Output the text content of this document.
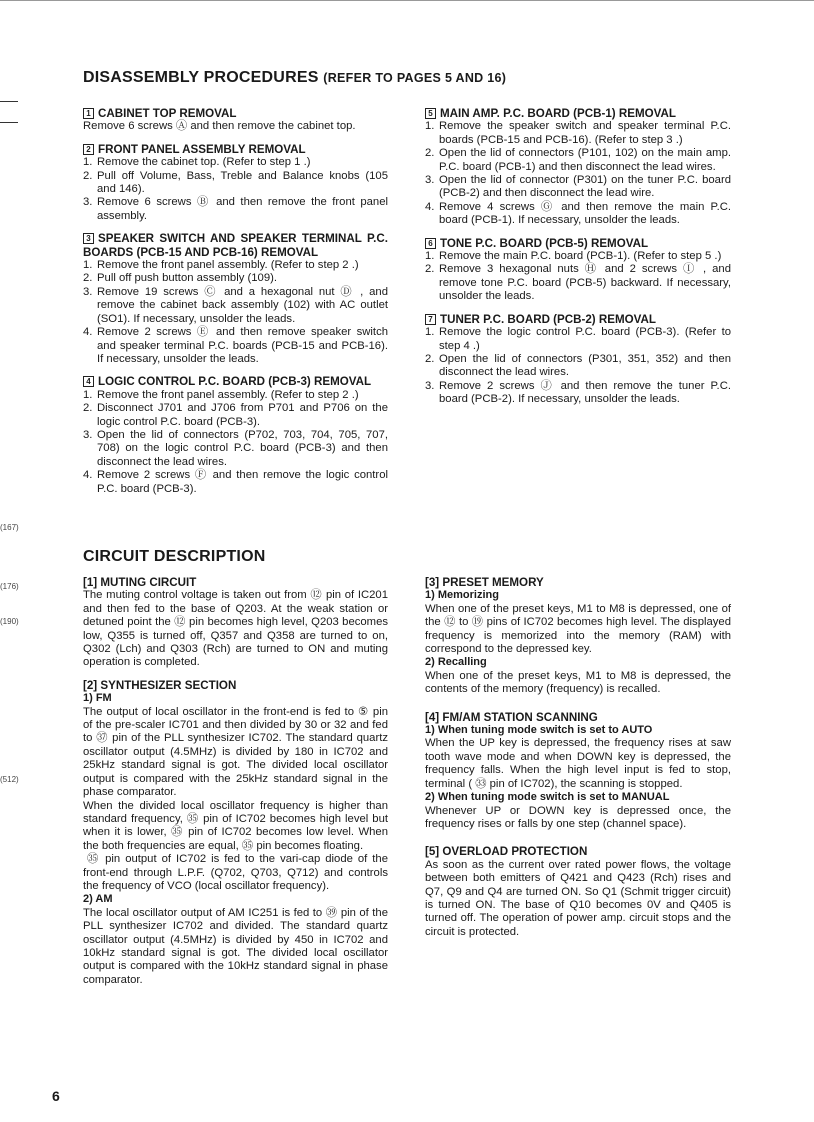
(167)
(176)
(190)
(512)
DISASSEMBLY PROCEDURES (REFER TO PAGES 5 AND 16)

1 CABINET TOP REMOVAL

Remove 6 screws Ⓐ and then remove the cabinet top.

2 FRONT PANEL ASSEMBLY REMOVAL

1. Remove the cabinet top. (Refer to step 1 .)
2. Pull off Volume, Bass, Treble and Balance knobs (105 and 146).
3. Remove 6 screws Ⓑ and then remove the front panel assembly.

3 SPEAKER SWITCH AND SPEAKER TERMINAL P.C. BOARDS (PCB-15 AND PCB-16) REMOVAL

1. Remove the front panel assembly. (Refer to step 2 .)
2. Pull off push button assembly (109).
3. Remove 19 screws Ⓒ and a hexagonal nut Ⓓ , and remove the cabinet back assembly (102) with AC outlet (SO1). If necessary, unsolder the leads.
4. Remove 2 screws Ⓔ and then remove speaker switch and speaker terminal P.C. boards (PCB-15 and PCB-16). If necessary, unsolder the leads.

4 LOGIC CONTROL P.C. BOARD (PCB-3) REMOVAL

1. Remove the front panel assembly. (Refer to step 2 .)
2. Disconnect J701 and J706 from P701 and P706 on the logic control P.C. board (PCB-3).
3. Open the lid of connectors (P702, 703, 704, 705, 707, 708) on the logic control P.C. board (PCB-3) and then disconnect the lead wires.
4. Remove 2 screws Ⓕ and then remove the logic control P.C. board (PCB-3).

5 MAIN AMP. P.C. BOARD (PCB-1) REMOVAL

1. Remove the speaker switch and speaker terminal P.C. boards (PCB-15 and PCB-16). (Refer to step 3 .)
2. Open the lid of connectors (P101, 102) on the main amp. P.C. board (PCB-1) and then disconnect the lead wires.
3. Open the lid of connector (P301) on the tuner P.C. board (PCB-2) and then disconnect the lead wire.
4. Remove 4 screws Ⓖ and then remove the main P.C. board (PCB-1). If necessary, unsolder the leads.

6 TONE P.C. BOARD (PCB-5) REMOVAL

1. Remove the main P.C. board (PCB-1). (Refer to step 5 .)
2. Remove 3 hexagonal nuts Ⓗ and 2 screws Ⓘ , and remove tone P.C. board (PCB-5) backward. If necessary, unsolder the leads.

7 TUNER P.C. BOARD (PCB-2) REMOVAL

1. Remove the logic control P.C. board (PCB-3). (Refer to step 4 .)
2. Open the lid of connectors (P301, 351, 352) and then disconnect the lead wires.
3. Remove 2 screws Ⓙ and then remove the tuner P.C. board (PCB-2). If necessary, unsolder the leads.
CIRCUIT DESCRIPTION

[1] MUTING CIRCUIT

The muting control voltage is taken out from ⑫ pin of IC201 and then fed to the base of Q203. At the weak station or detuned point the ⑫ pin becomes high level, Q203 becomes low, Q355 is turned off, Q357 and Q358 are turned to on, Q302 (Lch) and Q303 (Rch) are turned to ON and muting operation is completed.

[2] SYNTHESIZER SECTION

1) FM

The output of local oscillator in the front-end is fed to ⑤ pin of the pre-scaler IC701 and then divided by 30 or 32 and fed to ㊲ pin of the PLL synthesizer IC702. The standard quartz oscillator output (4.5MHz) is divided by 180 in IC702 and 25kHz standard signal is got. The divided local oscillator output is compared with the 25kHz standard signal in the phase comparator.

When the divided local oscillator frequency is higher than standard frequency, ㉟ pin of IC702 becomes high level but when it is lower, ㉟ pin of IC702 becomes low level. When the both frequencies are equal, ㉟ pin becomes floating.

㉟ pin output of IC702 is fed to the vari-cap diode of the front-end through L.P.F. (Q702, Q703, Q712) and controls the frequency of VCO (local oscillator frequency).

2) AM

The local oscillator output of AM IC251 is fed to ㊴ pin of the PLL synthesizer IC702 and divided. The standard quartz oscillator output (4.5MHz) is divided by 450 in IC702 and 10kHz standard signal is got. The divided local oscillator output is compared with the 10kHz standard signal in phase comparator.

[3] PRESET MEMORY

1) Memorizing

When one of the preset keys, M1 to M8 is depressed, one of the ⑫ to ⑲ pins of IC702 becomes high level. The displayed frequency is memorized into the memory (RAM) with correspond to the depressed key.

2) Recalling

When one of the preset keys, M1 to M8 is depressed, the contents of the memory (frequency) is recalled.

[4] FM/AM STATION SCANNING

1) When tuning mode switch is set to AUTO

When the UP key is depressed, the frequency rises at saw tooth wave mode and when DOWN key is depressed, the frequency falls. When the high level input is fed to stop, terminal ( ㉝ pin of IC702), the scanning is stopped.

2) When tuning mode switch is set to MANUAL

Whenever UP or DOWN key is depressed once, the frequency rises or falls by one step (channel space).

[5] OVERLOAD PROTECTION

As soon as the current over rated power flows, the voltage between both emitters of Q421 and Q423 (Rch) rises and Q7, Q9 and Q4 are turned ON. So Q1 (Schmit trigger circuit) is turned ON. The base of Q10 becomes 0V and Q405 is turned off. The operation of power amp. circuit stops and the circuit is protected.

6
